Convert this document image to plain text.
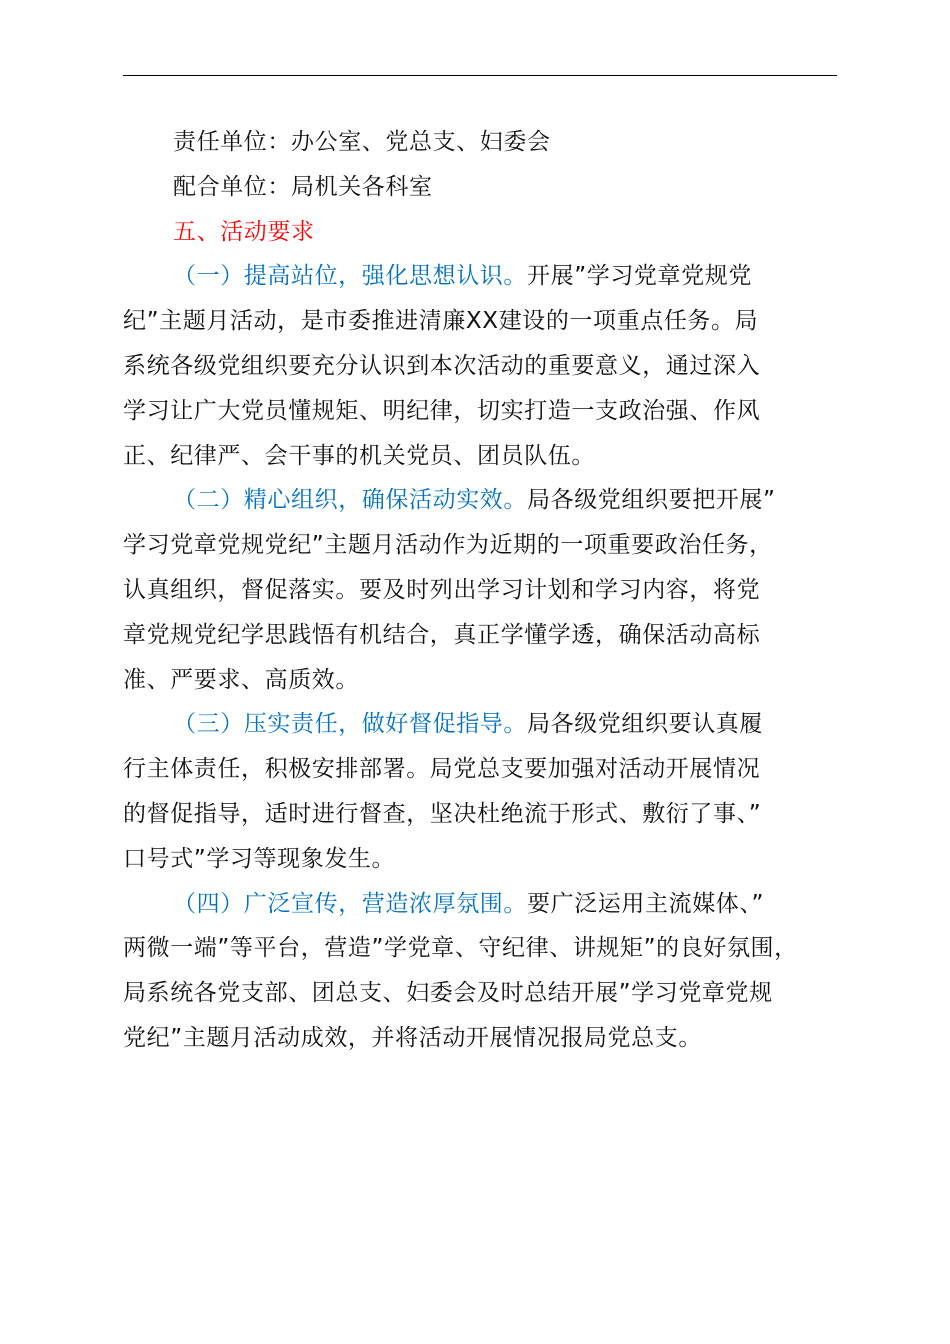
责任单位：办公室、党总支、妇委会
配合单位：局机关各科室
五、活动要求
（一）提高站位，强化思想认识。开展”学习党章党规党
纪”主题月活动，是市委推进清廉XX建设的一项重点任务。局
系统各级党组织要充分认识到本次活动的重要意义，通过深入
学习让广大党员懂规矩、明纪律，切实打造一支政治强、作风
正、纪律严、会干事的机关党员、团员队伍。
（二）精心组织，确保活动实效。局各级党组织要把开展”
学习党章党规党纪”主题月活动作为近期的一项重要政治任务，
认真组织，督促落实。要及时列出学习计划和学习内容，将党
章党规党纪学思践悟有机结合，真正学懂学透，确保活动高标
准、严要求、高质效。
（三）压实责任，做好督促指导。局各级党组织要认真履
行主体责任，积极安排部署。局党总支要加强对活动开展情况
的督促指导，适时进行督查，坚决杜绝流于形式、敷衍了事、”
口号式”学习等现象发生。
（四）广泛宣传，营造浓厚氛围。要广泛运用主流媒体、”
两微一端”等平台，营造”学党章、守纪律、讲规矩”的良好氛围，
局系统各党支部、团总支、妇委会及时总结开展”学习党章党规
党纪”主题月活动成效，并将活动开展情况报局党总支。
